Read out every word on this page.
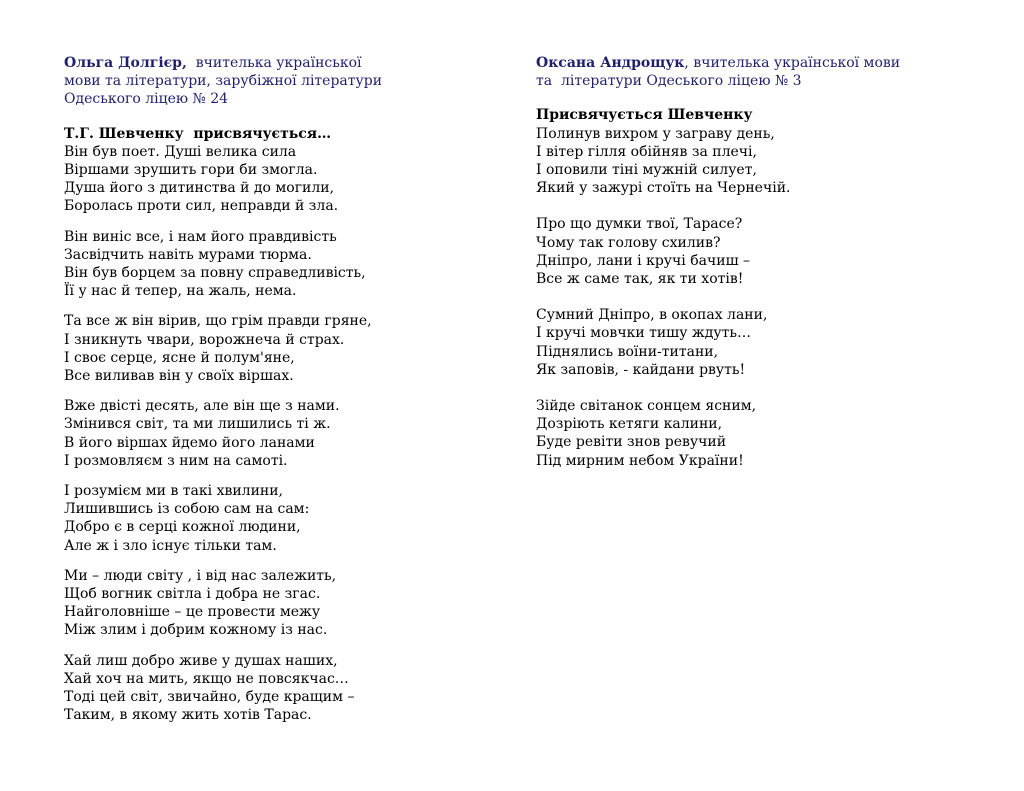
Ольга Долгієр,  вчителька української
мови та літератури, зарубіжної літератури
Одеського ліцею № 24
Т.Г. Шевченку  присвячується…
Він був поет. Душі велика сила
Віршами зрушить гори би змогла.
Душа його з дитинства й до могили,
Боролась проти сил, неправди й зла.
Він виніс все, і нам його правдивість
Засвідчить навіть мурами тюрма.
Він був борцем за повну справедливість,
Її у нас й тепер, на жаль, нема.
Та все ж він вірив, що грім правди гряне,
І зникнуть чвари, ворожнеча й страх.
І своє серце, ясне й полум'яне,
Все виливав він у своїх віршах.
Вже двісті десять, але він ще з нами.
Змінився світ, та ми лишились ті ж.
В його віршах йдемо його ланами
І розмовляєм з ним на самоті.
І розумієм ми в такі хвилини,
Лишившись із собою сам на сам:
Добро є в серці кожної людини,
Але ж і зло існує тільки там.
Ми – люди світу , і від нас залежить,
Щоб вогник світла і добра не згас.
Найголовніше – це провести межу
Між злим і добрим кожному із нас.
Хай лиш добро живе у душах наших,
Хай хоч на мить, якщо не повсякчас…
Тоді цей світ, звичайно, буде кращим –
Таким, в якому жить хотів Тарас.
Оксана Андрощук, вчителька української мови
та  літератури Одеського ліцею № 3
Присвячується Шевченку
Полинув вихром у заграву день,
І вітер гілля обійняв за плечі,
І оповили тіні мужній силует,
Який у зажурі стоїть на Чернечій.
Про що думки твої, Тарасе?
Чому так голову схилив?
Дніпро, лани і кручі бачиш –
Все ж саме так, як ти хотів!
Сумний Дніпро, в окопах лани,
І кручі мовчки тишу ждуть…
Піднялись воїни-титани,
Як заповів, - кайдани рвуть!
Зійде світанок сонцем ясним,
Дозріють кетяги калини,
Буде ревіти знов ревучий
Під мирним небом України!
